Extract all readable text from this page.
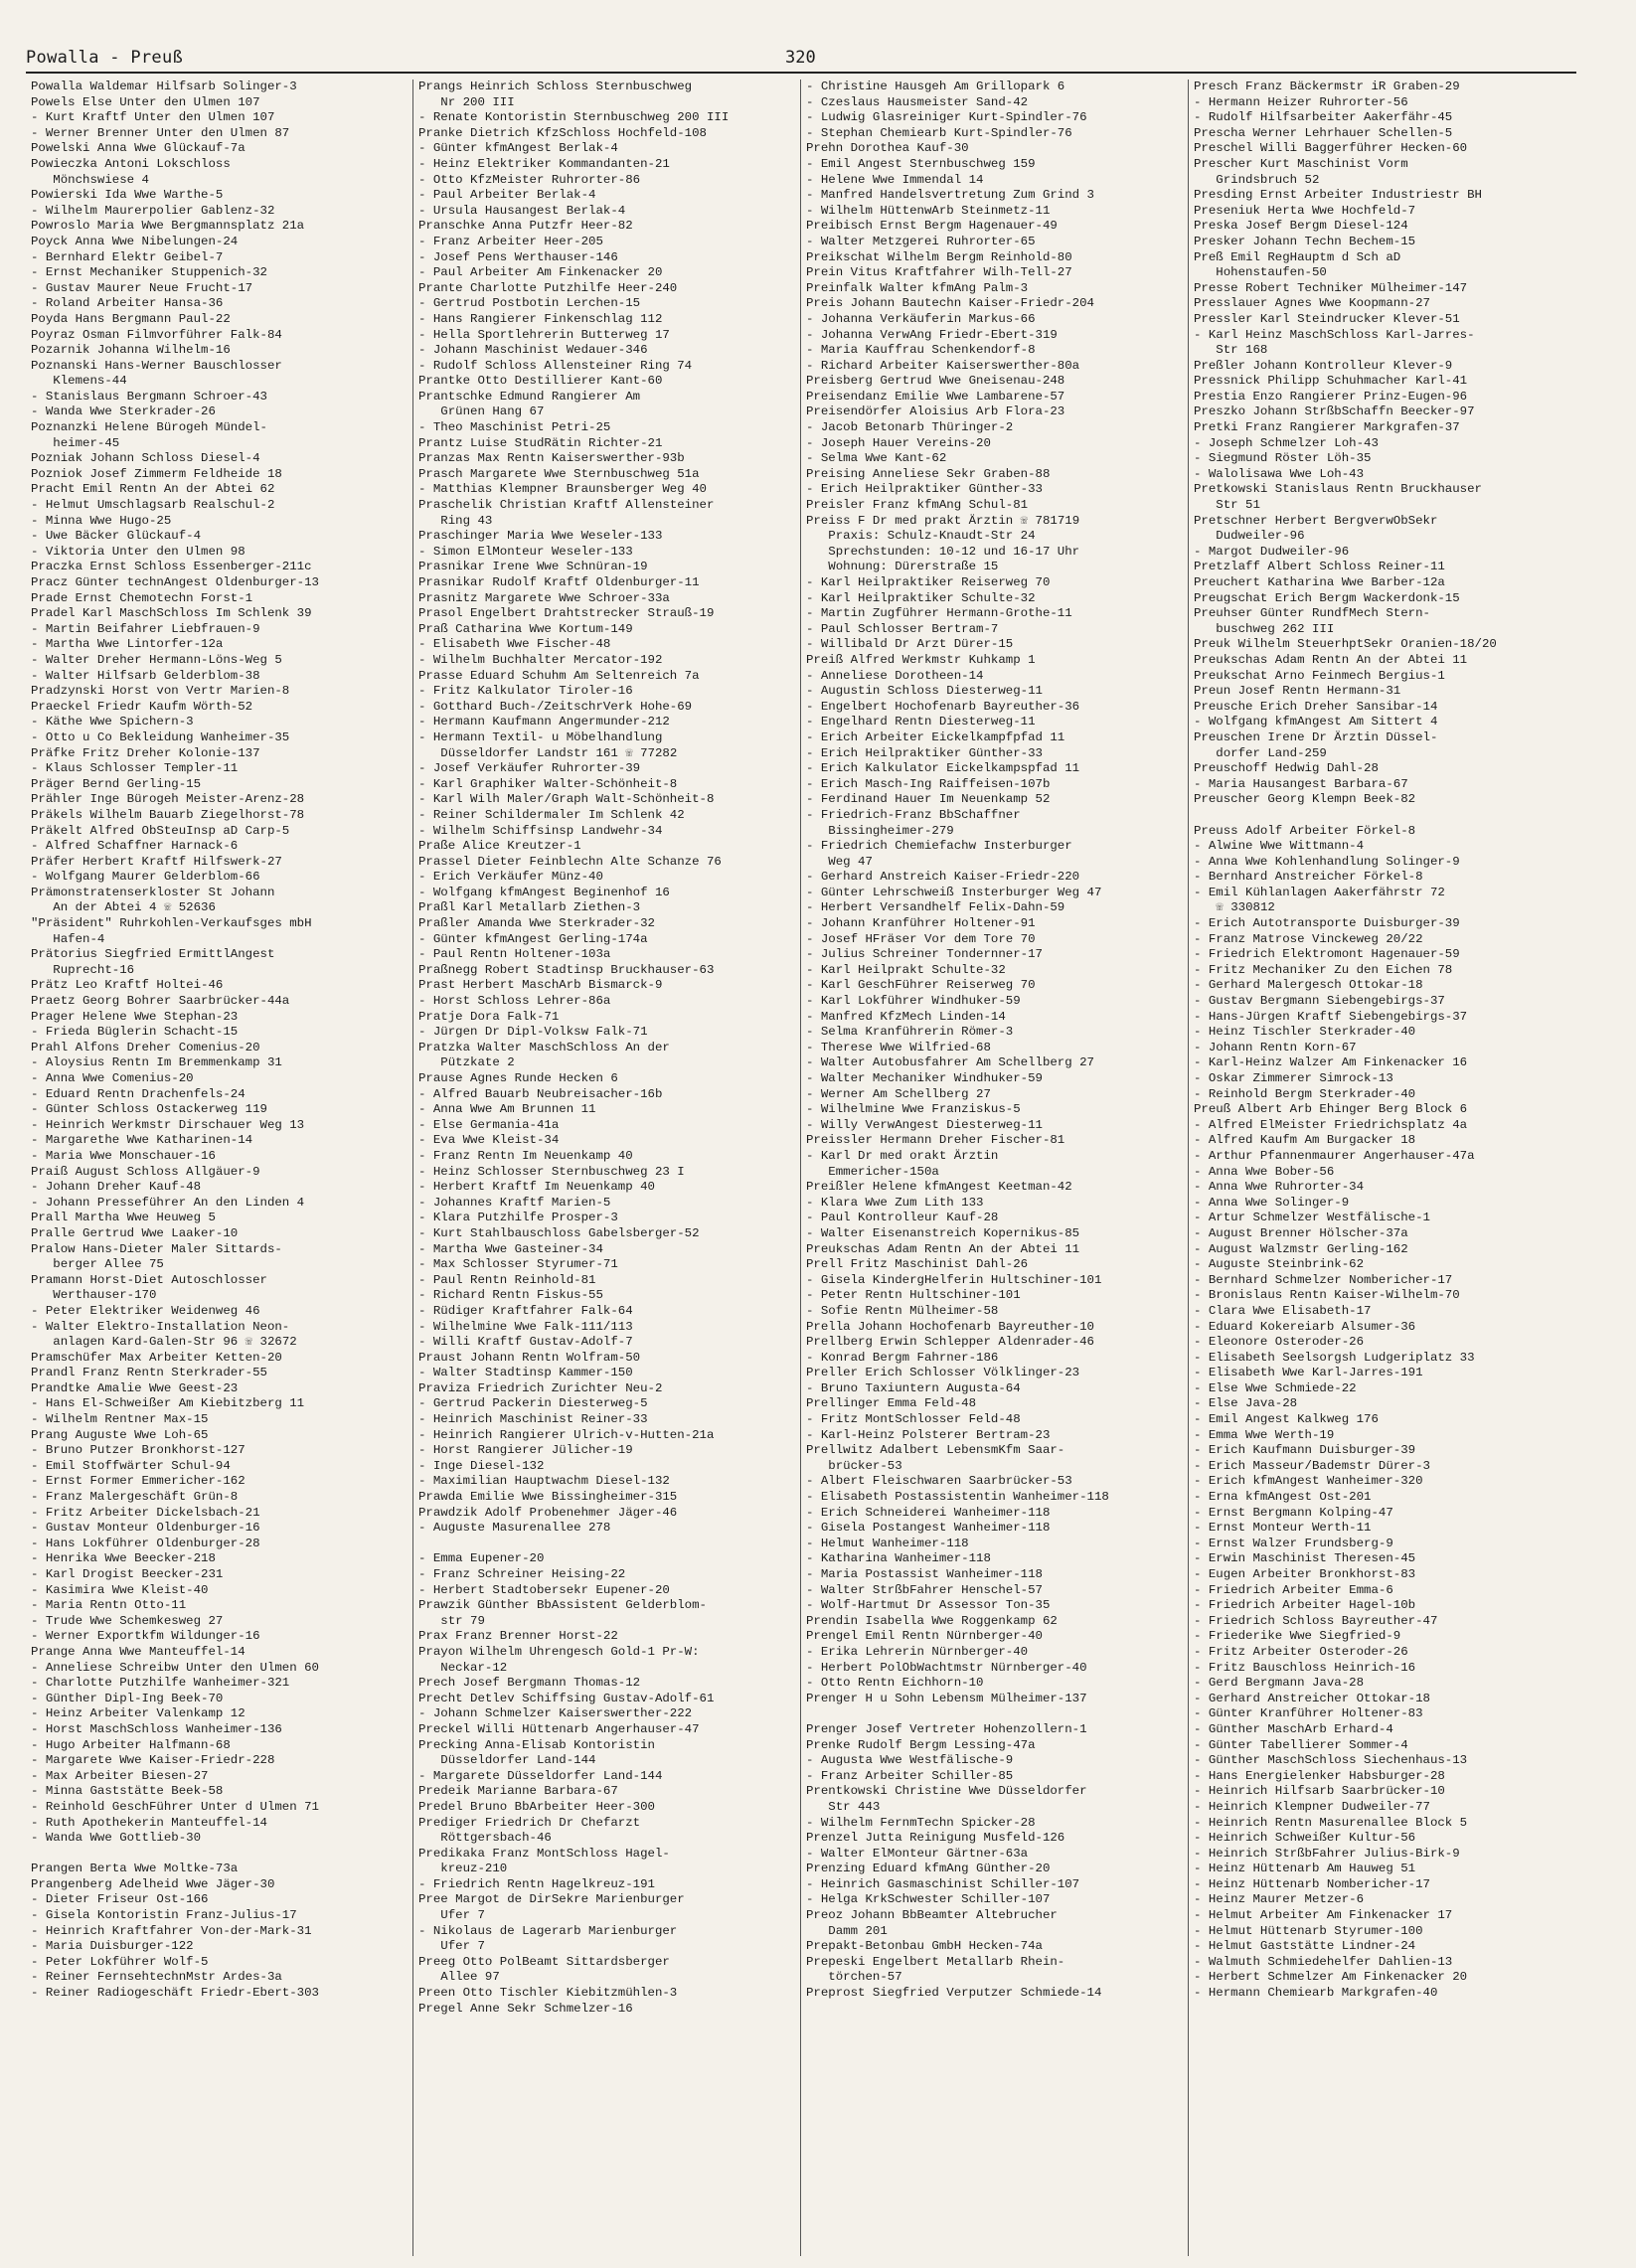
Powalla - Preuß	320
Powalla Waldemar Hilfsarb Solinger-3
Powels Else Unter den Ulmen 107
- Kurt Kraftf Unter den Ulmen 107
- Werner Brenner Unter den Ulmen 87
Powelski Anna Wwe Glückauf-7a
Powieczka Antoni Lokschloss
Mönchswiese 4
Powierski Ida Wwe Warthe-5
- Wilhelm Maurerpolier Gablenz-32
Powroslo Maria Wwe Bergmannsplatz 21a
Poyck Anna Wwe Nibelungen-24
- Bernhard Elektr Geibel-7
- Ernst Mechaniker Stuppenich-32
- Gustav Maurer Neue Frucht-17
- Roland Arbeiter Hansa-36
Poyda Hans Bergmann Paul-22
Poyraz Osman Filmvorführer Falk-84
Pozarnik Johanna Wilhelm-16
Poznanski Hans-Werner Bauschlosser
Klemens-44
- Stanislaus Bergmann Schroer-43
- Wanda Wwe Sterkrader-26
Poznanzki Helene Bürogeh Mündel-
heimer-45
Pozniak Johann Schloss Diesel-4
Pozniok Josef Zimmerm Feldheide 18
Pracht Emil Rentn An der Abtei 62
- Helmut Umschlagsarb Realschul-2
- Minna Wwe Hugo-25
- Uwe Bäcker Glückauf-4
- Viktoria Unter den Ulmen 98
Praczka Ernst Schloss Essenberger-211c
Pracz Günter technAngest Oldenburger-13
Prade Ernst Chemotechn Forst-1
Pradel Karl MaschSchloss Im Schlenk 39
- Martin Beifahrer Liebfrauen-9
- Martha Wwe Lintorfer-12a
- Walter Dreher Hermann-Löns-Weg 5
- Walter Hilfsarb Gelderblom-38
Pradzynski Horst von Vertr Marien-8
Praeckel Friedr Kaufm Wörth-52
- Käthe Wwe Spichern-3
- Otto u Co Bekleidung Wanheimer-35
Präfke Fritz Dreher Kolonie-137
- Klaus Schlosser Templer-11
Präger Bernd Gerling-15
Prähler Inge Bürogeh Meister-Arenz-28
Präkels Wilhelm Bauarb Ziegelhorst-78
Präkelt Alfred ObSteuInsp aD Carp-5
- Alfred Schaffner Harnack-6
Präfer Herbert Kraftf Hilfswerk-27
- Wolfgang Maurer Gelderblom-66
Prämonstratenserkloster St Johann
An der Abtei 4 ☏ 52636
"Präsident" Ruhrkohlen-Verkaufsges mbH
Hafen-4
Prätorius Siegfried ErmittlAngest
Ruprecht-16
Prätz Leo Kraftf Holtei-46
Praetz Georg Bohrer Saarbrücker-44a
Prager Helene Wwe Stephan-23
- Frieda Büglerin Schacht-15
Prahl Alfons Dreher Comenius-20
- Aloysius Rentn Im Bremmenkamp 31
- Anna Wwe Comenius-20
- Eduard Rentn Drachenfels-24
- Günter Schloss Ostackerweg 119
- Heinrich Werkmstr Dirschauer Weg 13
- Margarethe Wwe Katharinen-14
- Maria Wwe Monschauer-16
Praiß August Schloss Allgäuer-9
- Johann Dreher Kauf-48
- Johann Presseführer An den Linden 4
Prall Martha Wwe Heuweg 5
Pralle Gertrud Wwe Laaker-10
Pralow Hans-Dieter Maler Sittards-
berger Allee 75
Pramann Horst-Diet Autoschlosser
Werthauser-170
- Peter Elektriker Weidenweg 46
- Walter Elektro-Installation Neon-
anlagen Kard-Galen-Str 96 ☏ 32672
Pramschüfer Max Arbeiter Ketten-20
Prandl Franz Rentn Sterkrader-55
Prandtke Amalie Wwe Geest-23
- Hans El-Schweißer Am Kiebitzberg 11
- Wilhelm Rentner Max-15
Prang Auguste Wwe Loh-65
- Bruno Putzer Bronkhorst-127
- Emil Stoffwärter Schul-94
- Ernst Former Emmericher-162
- Franz Malergeschäft Grün-8
- Fritz Arbeiter Dickelsbach-21
- Gustav Monteur Oldenburger-16
- Hans Lokführer Oldenburger-28
- Henrika Wwe Beecker-218
- Karl Drogist Beecker-231
- Kasimira Wwe Kleist-40
- Maria Rentn Otto-11
- Trude Wwe Schemkesweg 27
- Werner Exportkfm Wildunger-16
Prange Anna Wwe Manteuffel-14
- Anneliese Schreibw Unter den Ulmen 60
- Charlotte Putzhilfe Wanheimer-321
- Günther Dipl-Ing Beek-70
- Heinz Arbeiter Valenkamp 12
- Horst MaschSchloss Wanheimer-136
- Hugo Arbeiter Halfmann-68
- Margarete Wwe Kaiser-Friedr-228
- Max Arbeiter Biesen-27
- Minna Gaststätte Beek-58
- Reinhold GeschFührer Unter d Ulmen 71
- Ruth Apothekerin Manteuffel-14
- Wanda Wwe Gottlieb-30

Prangen Berta Wwe Moltke-73a
Prangenberg Adelheid Wwe Jäger-30
- Dieter Friseur Ost-166
- Gisela Kontoristin Franz-Julius-17
- Heinrich Kraftfahrer Von-der-Mark-31
- Maria Duisburger-122
- Peter Lokführer Wolf-5
- Reiner FernsehtechnMstr Ardes-3a
- Reiner Radiogeschäft Friedr-Ebert-303
Prangs Heinrich Schloss Sternbuschweg
Nr 200 III
- Renate Kontoristin Sternbuschweg 200 III
Pranke Dietrich KfzSchloss Hochfeld-108
- Günter kfmAngest Berlak-4
- Heinz Elektriker Kommandanten-21
- Otto KfzMeister Ruhrorter-86
- Paul Arbeiter Berlak-4
- Ursula Hausangest Berlak-4
Pranschke Anna Putzfr Heer-82
- Franz Arbeiter Heer-205
- Josef Pens Werthauser-146
- Paul Arbeiter Am Finkenacker 20
Prante Charlotte Putzhilfe Heer-240
- Gertrud Postbotin Lerchen-15
- Hans Rangierer Finkenschlag 112
- Hella Sportlehrerin Butterweg 17
- Johann Maschinist Wedauer-346
- Rudolf Schloss Allensteiner Ring 74
Prantke Otto Destillierer Kant-60
Prantschke Edmund Rangierer Am
Grünen Hang 67
- Theo Maschinist Petri-25
Prantz Luise StudRätin Richter-21
Pranzas Max Rentn Kaiserswerther-93b
Prasch Margarete Wwe Sternbuschweg 51a
- Matthias Klempner Braunsberger Weg 40
Praschelik Christian Kraftf Allensteiner
Ring 43
Praschinger Maria Wwe Weseler-133
- Simon ElMonteur Weseler-133
Prasnikar Irene Wwe Schnüran-19
Prasnikar Rudolf Kraftf Oldenburger-11
Prasnitz Margarete Wwe Schroer-33a
Prasol Engelbert Drahtstrecker Strauß-19
Praß Catharina Wwe Kortum-149
- Elisabeth Wwe Fischer-48
- Wilhelm Buchhalter Mercator-192
Prasse Eduard Schuhm Am Seltenreich 7a
- Fritz Kalkulator Tiroler-16
- Gotthard Buch-/ZeitschrVerk Hohe-69
- Hermann Kaufmann Angermunder-212
- Hermann Textil- u Möbelhandlung
Düsseldorfer Landstr 161 ☏ 77282
- Josef Verkäufer Ruhrorter-39
- Karl Graphiker Walter-Schönheit-8
- Karl Wilh Maler/Graph Walt-Schönheit-8
- Reiner Schildermaler Im Schlenk 42
- Wilhelm Schiffsinsp Landwehr-34
Praße Alice Kreutzer-1
Prassel Dieter Feinblechn Alte Schanze 76
- Erich Verkäufer Münz-40
- Wolfgang kfmAngest Beginenhof 16
Praßl Karl Metallarb Ziethen-3
Praßler Amanda Wwe Sterkrader-32
- Günter kfmAngest Gerling-174a
- Paul Rentn Holtener-103a
Praßnegg Robert Stadtinsp Bruckhauser-63
Prast Herbert MaschArb Bismarck-9
- Horst Schloss Lehrer-86a
Pratje Dora Falk-71
- Jürgen Dr Dipl-Volksw Falk-71
Pratzka Walter MaschSchloss An der
Pützkate 2
Prause Agnes Runde Hecken 6
- Alfred Bauarb Neubreisacher-16b
- Anna Wwe Am Brunnen 11
- Else Germania-41a
- Eva Wwe Kleist-34
- Franz Rentn Im Neuenkamp 40
- Heinz Schlosser Sternbuschweg 23 I
- Herbert Kraftf Im Neuenkamp 40
- Johannes Kraftf Marien-5
- Klara Putzhilfe Prosper-3
- Kurt Stahlbauschloss Gabelsberger-52
- Martha Wwe Gasteiner-34
- Max Schlosser Styrumer-71
- Paul Rentn Reinhold-81
- Richard Rentn Fiskus-55
- Rüdiger Kraftfahrer Falk-64
- Wilhelmine Wwe Falk-111/113
- Willi Kraftf Gustav-Adolf-7
Praust Johann Rentn Wolfram-50
- Walter Stadtinsp Kammer-150
Praviza Friedrich Zurichter Neu-2
- Gertrud Packerin Diesterweg-5
- Heinrich Maschinist Reiner-33
- Heinrich Rangierer Ulrich-v-Hutten-21a
- Horst Rangierer Jülicher-19
- Inge Diesel-132
- Maximilian Hauptwachm Diesel-132
Prawda Emilie Wwe Bissingheimer-315
Prawdzik Adolf Probenehmer Jäger-46
- Auguste Masurenallee 278

- Emma Eupener-20
- Franz Schreiner Heising-22
- Herbert Stadtobersekr Eupener-20
Prawzik Günther BbAssistent Gelderblom-
str 79
Prax Franz Brenner Horst-22
Prayon Wilhelm Uhrengesch Gold-1 Pr-W:
Neckar-12
Prech Josef Bergmann Thomas-12
Precht Detlev Schiffsing Gustav-Adolf-61
- Johann Schmelzer Kaiserswerther-222
Preckel Willi Hüttenarb Angerhauser-47
Precking Anna-Elisab Kontoristin
Düsseldorfer Land-144
- Margarete Düsseldorfer Land-144
Predeik Marianne Barbara-67
Predel Bruno BbArbeiter Heer-300
Prediger Friedrich Dr Chefarzt
Röttgersbach-46
Predikaka Franz MontSchloss Hagel-
kreuz-210
- Friedrich Rentn Hagelkreuz-191
Pree Margot de DirSekre Marienburger
Ufer 7
- Nikolaus de Lagerarb Marienburger
Ufer 7
Preeg Otto PolBeamt Sittardsberger
Allee 97
Preen Otto Tischler Kiebitzmühlen-3
Pregel Anne Sekr Schmelzer-16
- Christine Hausgeh Am Grillopark 6
- Czeslaus Hausmeister Sand-42
- Ludwig Glasreiniger Kurt-Spindler-76
- Stephan Chemiearb Kurt-Spindler-76
Prehn Dorothea Kauf-30
- Emil Angest Sternbuschweg 159
- Helene Wwe Immendal 14
- Manfred Handelsvertretung Zum Grind 3
- Wilhelm HüttenwArb Steinmetz-11
Preibisch Ernst Bergm Hagenauer-49
- Walter Metzgerei Ruhrorter-65
Preikschat Wilhelm Bergm Reinhold-80
Prein Vitus Kraftfahrer Wilh-Tell-27
Preinfalk Walter kfmAng Palm-3
Preis Johann Bautechn Kaiser-Friedr-204
- Johanna Verkäuferin Markus-66
- Johanna VerwAng Friedr-Ebert-319
- Maria Kauffrau Schenkendorf-8
- Richard Arbeiter Kaiserswerther-80a
Preisberg Gertrud Wwe Gneisenau-248
Preisendanz Emilie Wwe Lambarene-57
Preisendörfer Aloisius Arb Flora-23
- Jacob Betonarb Thüringer-2
- Joseph Hauer Vereins-20
- Selma Wwe Kant-62
Preising Anneliese Sekr Graben-88
- Erich Heilpraktiker Günther-33
Preisler Franz kfmAng Schul-81
Preiss F Dr med prakt Ärztin ☏ 781719
Praxis: Schulz-Knaudt-Str 24
Sprechstunden: 10-12 und 16-17 Uhr
Wohnung: Dürerstraße 15
- Karl Heilpraktiker Reiserweg 70
- Karl Heilpraktiker Schulte-32
- Martin Zugführer Hermann-Grothe-11
- Paul Schlosser Bertram-7
- Willibald Dr Arzt Dürer-15
Preiß Alfred Werkmstr Kuhkamp 1
- Anneliese Dorotheen-14
- Augustin Schloss Diesterweg-11
- Engelbert Hochofenarb Bayreuther-36
- Engelhard Rentn Diesterweg-11
- Erich Arbeiter Eickelkampfpfad 11
- Erich Heilpraktiker Günther-33
- Erich Kalkulator Eickelkampspfad 11
- Erich Masch-Ing Raiffeisen-107b
- Ferdinand Hauer Im Neuenkamp 52
- Friedrich-Franz BbSchaffner
Bissingheimer-279
- Friedrich Chemiefachw Insterburger
Weg 47
- Gerhard Anstreich Kaiser-Friedr-220
- Günter Lehrschweiß Insterburger Weg 47
- Herbert Versandhelf Felix-Dahn-59
- Johann Kranführer Holtener-91
- Josef HFräser Vor dem Tore 70
- Julius Schreiner Tondernner-17
- Karl Heilprakt Schulte-32
- Karl GeschFührer Reiserweg 70
- Karl Lokführer Windhuker-59
- Manfred KfzMech Linden-14
- Selma Kranführerin Römer-3
- Therese Wwe Wilfried-68
- Walter Autobusfahrer Am Schellberg 27
- Walter Mechaniker Windhuker-59
- Werner Am Schellberg 27
- Wilhelmine Wwe Franziskus-5
- Willy VerwAngest Diesterweg-11
Preissler Hermann Dreher Fischer-81
- Karl Dr med orakt Ärztin
Emmericher-150a
Preißler Helene kfmAngest Keetman-42
- Klara Wwe Zum Lith 133
- Paul Kontrolleur Kauf-28
- Walter Eisenanstreich Kopernikus-85
Preukschas Adam Rentn An der Abtei 11
Prell Fritz Maschinist Dahl-26
- Gisela KindergHelferin Hultschiner-101
- Peter Rentn Hultschiner-101
- Sofie Rentn Mülheimer-58
Prella Johann Hochofenarb Bayreuther-10
Prellberg Erwin Schlepper Aldenrader-46
- Konrad Bergm Fahrner-186
Preller Erich Schlosser Völklinger-23
- Bruno Taxiuntern Augusta-64
Prellinger Emma Feld-48
- Fritz MontSchlosser Feld-48
- Karl-Heinz Polsterer Bertram-23
Prellwitz Adalbert LebensmKfm Saar-
brücker-53
- Albert Fleischwaren Saarbrücker-53
- Elisabeth Postassistentin Wanheimer-118
- Erich Schneiderei Wanheimer-118
- Gisela Postangest Wanheimer-118
- Helmut Wanheimer-118
- Katharina Wanheimer-118
- Maria Postassist Wanheimer-118
- Walter StrßbFahrer Henschel-57
- Wolf-Hartmut Dr Assessor Ton-35
Prendin Isabella Wwe Roggenkamp 62
Prengel Emil Rentn Nürnberger-40
- Erika Lehrerin Nürnberger-40
- Herbert PolObWachtmstr Nürnberger-40
- Otto Rentn Eichhorn-10
Prenger H u Sohn Lebensm Mülheimer-137

Prenger Josef Vertreter Hohenzollern-1
Prenke Rudolf Bergm Lessing-47a
- Augusta Wwe Westfälische-9
- Franz Arbeiter Schiller-85
Prentkowski Christine Wwe Düsseldorfer
Str 443
- Wilhelm FernmTechn Spicker-28
Prenzel Jutta Reinigung Musfeld-126
- Walter ElMonteur Gärtner-63a
Prenzing Eduard kfmAng Günther-20
- Heinrich Gasmaschinist Schiller-107
- Helga KrkSchwester Schiller-107
Preoz Johann BbBeamter Altebrucher
Damm 201
Prepakt-Betonbau GmbH Hecken-74a
Prepeski Engelbert Metallarb Rhein-
törchen-57
Preprost Siegfried Verputzer Schmiede-14
Presch Franz Bäckermstr iR Graben-29
- Hermann Heizer Ruhrorter-56
- Rudolf Hilfsarbeiter Aakerfähr-45
Prescha Werner Lehrhauer Schellen-5
Preschel Willi Baggerführer Hecken-60
Prescher Kurt Maschinist Vorm
Grindsbruch 52
Presding Ernst Arbeiter Industriestr BH
Preseniuk Herta Wwe Hochfeld-7
Preska Josef Bergm Diesel-124
Presker Johann Techn Bechem-15
Preß Emil RegHauptm d Sch aD
Hohenstaufen-50
Presse Robert Techniker Mülheimer-147
Presslauer Agnes Wwe Koopmann-27
Pressler Karl Steindrucker Klever-51
- Karl Heinz MaschSchloss Karl-Jarres-
Str 168
Preßler Johann Kontrolleur Klever-9
Pressnick Philipp Schuhmacher Karl-41
Prestia Enzo Rangierer Prinz-Eugen-96
Preszko Johann StrßbSchaffn Beecker-97
Pretki Franz Rangierer Markgrafen-37
- Joseph Schmelzer Loh-43
- Siegmund Röster Löh-35
- Walolisawa Wwe Loh-43
Pretkowski Stanislaus Rentn Bruckhauser
Str 51
Pretschner Herbert BergverwObSekr
Dudweiler-96
- Margot Dudweiler-96
Pretzlaff Albert Schloss Reiner-11
Preuchert Katharina Wwe Barber-12a
Preugschat Erich Bergm Wackerdonk-15
Preuhser Günter RundfMech Stern-
buschweg 262 III
Preuk Wilhelm SteuerhptSekr Oranien-18/20
Preukschas Adam Rentn An der Abtei 11
Preukschat Arno Feinmech Bergius-1
Preun Josef Rentn Hermann-31
Preusche Erich Dreher Sansibar-14
- Wolfgang kfmAngest Am Sittert 4
Preuschen Irene Dr Ärztin Düssel-
dorfer Land-259
Preuschoff Hedwig Dahl-28
- Maria Hausangest Barbara-67
Preuscher Georg Klempn Beek-82

Preuss Adolf Arbeiter Förkel-8
- Alwine Wwe Wittmann-4
- Anna Wwe Kohlenhandlung Solinger-9
- Bernhard Anstreicher Förkel-8
- Emil Kühlanlagen Aakerfährstr 72
☏ 330812
- Erich Autotransporte Duisburger-39
- Franz Matrose Vinckeweg 20/22
- Friedrich Elektromont Hagenauer-59
- Fritz Mechaniker Zu den Eichen 78
- Gerhard Malergesch Ottokar-18
- Gustav Bergmann Siebengebirgs-37
- Hans-Jürgen Kraftf Siebengebirgs-37
- Heinz Tischler Sterkrader-40
- Johann Rentn Korn-67
- Karl-Heinz Walzer Am Finkenacker 16
- Oskar Zimmerer Simrock-13
- Reinhold Bergm Sterkrader-40
Preuß Albert Arb Ehinger Berg Block 6
- Alfred ElMeister Friedrichsplatz 4a
- Alfred Kaufm Am Burgacker 18
- Arthur Pfannenmaurer Angerhauser-47a
- Anna Wwe Bober-56
- Anna Wwe Ruhrorter-34
- Anna Wwe Solinger-9
- Artur Schmelzer Westfälische-1
- August Brenner Hölscher-37a
- August Walzmstr Gerling-162
- Auguste Steinbrink-62
- Bernhard Schmelzer Nombericher-17
- Bronislaus Rentn Kaiser-Wilhelm-70
- Clara Wwe Elisabeth-17
- Eduard Kokereiarb Alsumer-36
- Eleonore Osteroder-26
- Elisabeth Seelsorgsh Ludgeriplatz 33
- Elisabeth Wwe Karl-Jarres-191
- Else Wwe Schmiede-22
- Else Java-28
- Emil Angest Kalkweg 176
- Emma Wwe Werth-19
- Erich Kaufmann Duisburger-39
- Erich Masseur/Bademstr Dürer-3
- Erich kfmAngest Wanheimer-320
- Erna kfmAngest Ost-201
- Ernst Bergmann Kolping-47
- Ernst Monteur Werth-11
- Ernst Walzer Frundsberg-9
- Erwin Maschinist Theresen-45
- Eugen Arbeiter Bronkhorst-83
- Friedrich Arbeiter Emma-6
- Friedrich Arbeiter Hagel-10b
- Friedrich Schloss Bayreuther-47
- Friederike Wwe Siegfried-9
- Fritz Arbeiter Osteroder-26
- Fritz Bauschloss Heinrich-16
- Gerd Bergmann Java-28
- Gerhard Anstreicher Ottokar-18
- Günter Kranführer Holtener-83
- Günther MaschArb Erhard-4
- Günter Tabellierer Sommer-4
- Günther MaschSchloss Siechenhaus-13
- Hans Energielenker Habsburger-28
- Heinrich Hilfsarb Saarbrücker-10
- Heinrich Klempner Dudweiler-77
- Heinrich Rentn Masurenallee Block 5
- Heinrich Schweißer Kultur-56
- Heinrich StrßbFahrer Julius-Birk-9
- Heinz Hüttenarb Am Hauweg 51
- Heinz Hüttenarb Nombericher-17
- Heinz Maurer Metzer-6
- Helmut Arbeiter Am Finkenacker 17
- Helmut Hüttenarb Styrumer-100
- Helmut Gaststätte Lindner-24
- Walmuth Schmiedehelfer Dahlien-13
- Herbert Schmelzer Am Finkenacker 20
- Hermann Chemiearb Markgrafen-40
